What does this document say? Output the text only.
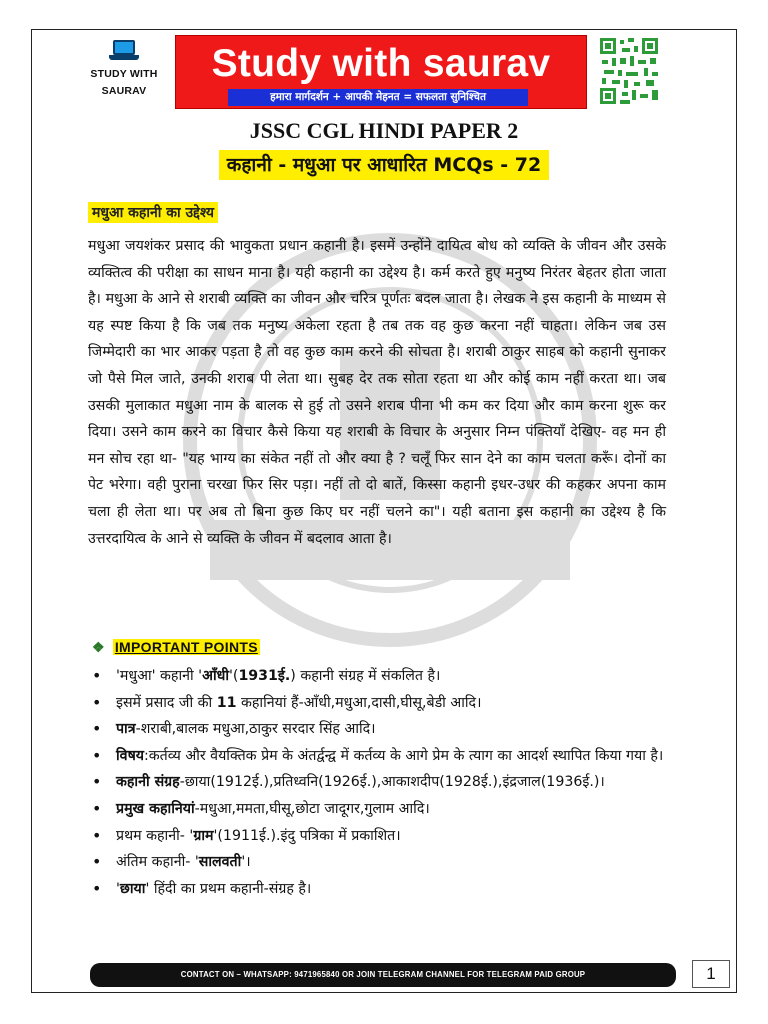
STUDY WITH
SAURAV
Study with saurav
हमारा मार्गदर्शन + आपकी मेहनत = सफलता सुनिश्चित
JSSC CGL HINDI PAPER 2
कहानी - मधुआ पर आधारित MCQs - 72
मधुआ कहानी का उद्देश्य
मधुआ जयशंकर प्रसाद की भावुकता प्रधान कहानी है। इसमें उन्होंने दायित्व बोध को व्यक्ति के जीवन और उसके व्यक्तित्व की परीक्षा का साधन माना है। यही कहानी का उद्देश्य है। कर्म करते हुए मनुष्य निरंतर बेहतर होता जाता है। मधुआ के आने से शराबी व्यक्ति का जीवन और चरित्र पूर्णतः बदल जाता है। लेखक ने इस कहानी के माध्यम से यह स्पष्ट किया है कि जब तक मनुष्य अकेला रहता है तब तक वह कुछ करना नहीं चाहता। लेकिन जब उस जिम्मेदारी का भार आकर पड़ता है तो वह कुछ काम करने की सोचता है। शराबी ठाकुर साहब को कहानी सुनाकर जो पैसे मिल जाते, उनकी शराब पी लेता था। सुबह देर तक सोता रहता था और कोई काम नहीं करता था। जब उसकी मुलाकात मधुआ नाम के बालक से हुई तो उसने शराब पीना भी कम कर दिया और काम करना शुरू कर दिया। उसने काम करने का विचार कैसे किया यह शराबी के विचार के अनुसार निम्न पंक्तियाँ देखिए- वह मन ही मन सोच रहा था- "यह भाग्य का संकेत नहीं तो और क्या है ? चलूँ फिर सान देने का काम चलता करूँ। दोनों का पेट भरेगा। वही पुराना चरखा फिर सिर पड़ा। नहीं तो दो बातें, किस्सा कहानी इधर-उधर की कहकर अपना काम चला ही लेता था। पर अब तो बिना कुछ किए घर नहीं चलने का"। यही बताना इस कहानी का उद्देश्य है कि उत्तरदायित्व के आने से व्यक्ति के जीवन में बदलाव आता है।
❖ IMPORTANT POINTS
• 'मधुआ' कहानी 'आँधी'(1931ई.) कहानी संग्रह में संकलित है।
• इसमें प्रसाद जी की 11 कहानियां हैं-आँधी,मधुआ,दासी,घीसू,बेडी आदि।
• पात्र-शराबी,बालक मधुआ,ठाकुर सरदार सिंह आदि।
• विषय:कर्तव्य और वैयक्तिक प्रेम के अंतर्द्वन्द्व में कर्तव्य के आगे प्रेम के त्याग का आदर्श स्थापित किया गया है।
• कहानी संग्रह-छाया(1912ई.),प्रतिध्वनि(1926ई.),आकाशदीप(1928ई.),इंद्रजाल(1936ई.)।
• प्रमुख कहानियां-मधुआ,ममता,घीसू,छोटा जादूगर,गुलाम आदि।
• प्रथम कहानी- 'ग्राम'(1911ई.).इंदु पत्रिका में प्रकाशित।
• अंतिम कहानी- 'सालवती'।
• 'छाया' हिंदी का प्रथम कहानी-संग्रह है।
CONTACT ON – WHATSAPP: 9471965840 OR JOIN TELEGRAM CHANNEL FOR TELEGRAM PAID GROUP	1
